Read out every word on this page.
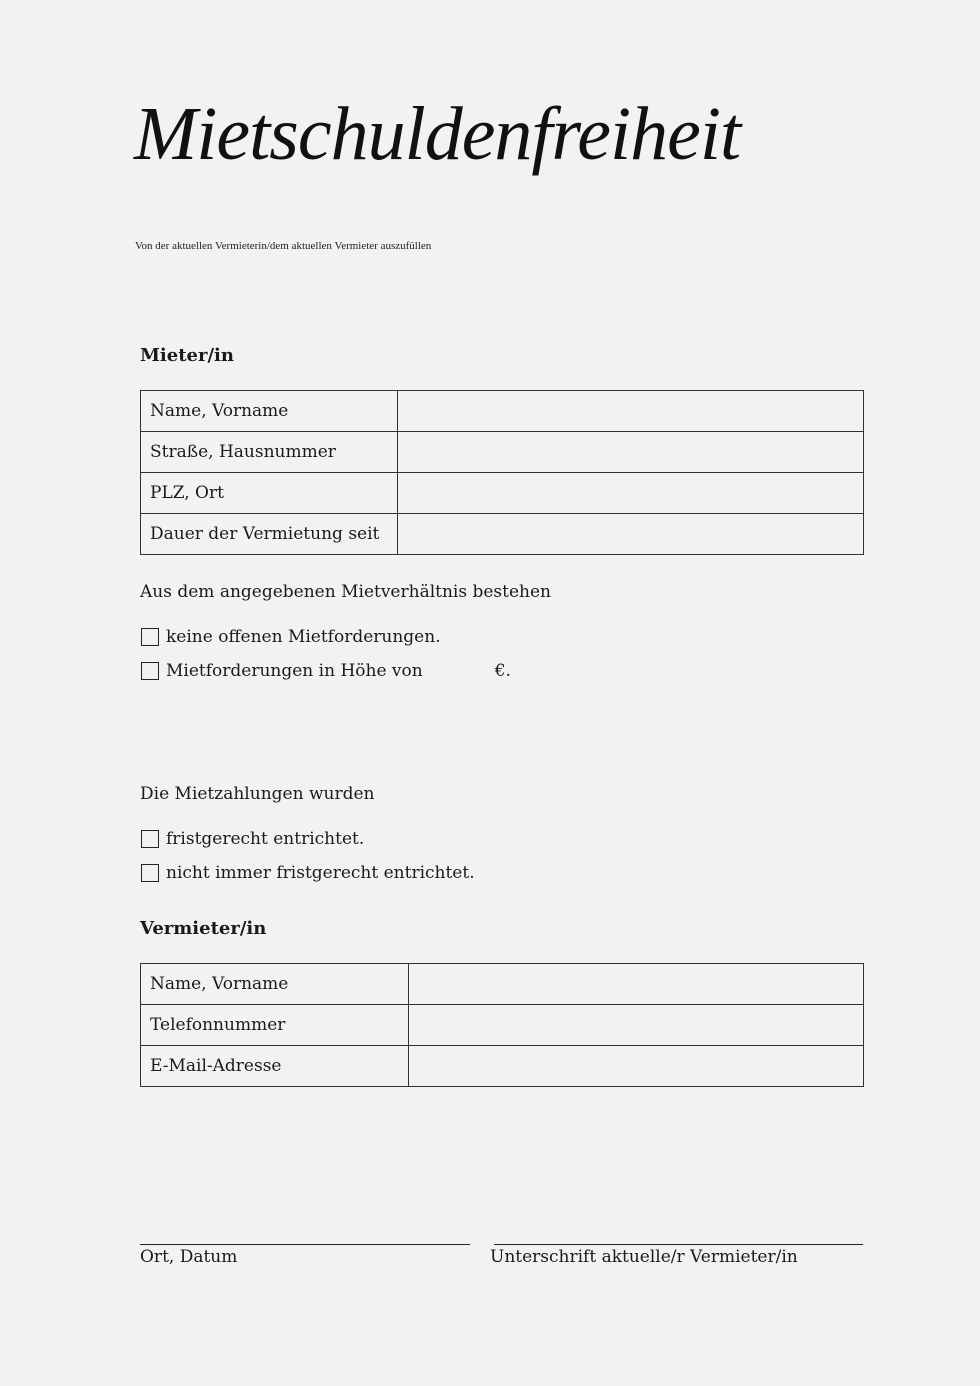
Mietschuldenfreiheit
Von der aktuellen Vermieterin/dem aktuellen Vermieter auszufüllen
Mieter/in
Name, Vorname	
Straße, Hausnummer	
PLZ, Ort	
Dauer der Vermietung seit	
Aus dem angegebenen Mietverhältnis bestehen
keine offenen Mietforderungen.
Mietforderungen in Höhe von	€.
Die Mietzahlungen wurden
fristgerecht entrichtet.
nicht immer fristgerecht entrichtet.
Vermieter/in
Name, Vorname	
Telefonnummer	
E-Mail-Adresse	
Ort, Datum	Unterschrift aktuelle/r Vermieter/in
